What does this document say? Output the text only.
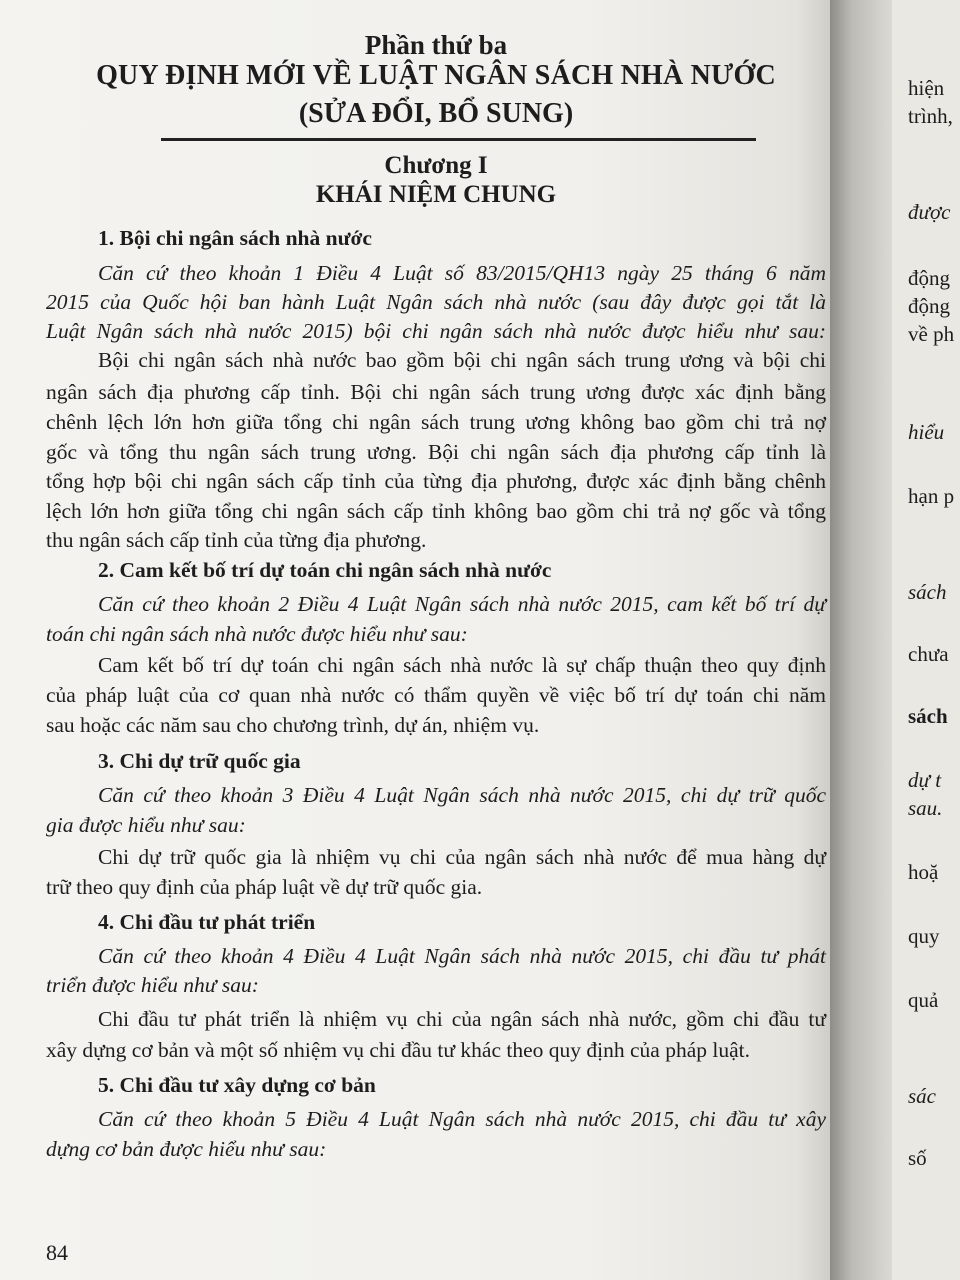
hiện
trình,
được
động
động
về ph
hiểu
hạn p
sách
chưa
sách
dự t
sau.
hoặ
quy
quả
sác
số
Phần thứ ba
QUY ĐỊNH MỚI VỀ LUẬT NGÂN SÁCH NHÀ NƯỚC
(SỬA ĐỔI, BỔ SUNG)
Chương I
KHÁI NIỆM CHUNG
1. Bội chi ngân sách nhà nước
Căn cứ theo khoản 1 Điều 4 Luật số 83/2015/QH13 ngày 25 tháng 6 năm
2015 của Quốc hội ban hành Luật Ngân sách nhà nước (sau đây được gọi tắt là
Luật Ngân sách nhà nước 2015) bội chi ngân sách nhà nước được hiểu như sau:
Bội chi ngân sách nhà nước bao gồm bội chi ngân sách trung ương và bội chi
ngân sách địa phương cấp tỉnh. Bội chi ngân sách trung ương được xác định bằng
chênh lệch lớn hơn giữa tổng chi ngân sách trung ương không bao gồm chi trả nợ
gốc và tổng thu ngân sách trung ương. Bội chi ngân sách địa phương cấp tỉnh là
tổng hợp bội chi ngân sách cấp tỉnh của từng địa phương, được xác định bằng chênh
lệch lớn hơn giữa tổng chi ngân sách cấp tỉnh không bao gồm chi trả nợ gốc và tổng
thu ngân sách cấp tỉnh của từng địa phương.
2. Cam kết bố trí dự toán chi ngân sách nhà nước
Căn cứ theo khoản 2 Điều 4 Luật Ngân sách nhà nước 2015, cam kết bố trí dự
toán chi ngân sách nhà nước được hiểu như sau:
Cam kết bố trí dự toán chi ngân sách nhà nước là sự chấp thuận theo quy định
của pháp luật của cơ quan nhà nước có thẩm quyền về việc bố trí dự toán chi năm
sau hoặc các năm sau cho chương trình, dự án, nhiệm vụ.
3. Chi dự trữ quốc gia
Căn cứ theo khoản 3 Điều 4 Luật Ngân sách nhà nước 2015, chi dự trữ quốc
gia được hiểu như sau:
Chi dự trữ quốc gia là nhiệm vụ chi của ngân sách nhà nước để mua hàng dự
trữ theo quy định của pháp luật về dự trữ quốc gia.
4. Chi đầu tư phát triển
Căn cứ theo khoản 4 Điều 4 Luật Ngân sách nhà nước 2015, chi đầu tư phát
triển được hiểu như sau:
Chi đầu tư phát triển là nhiệm vụ chi của ngân sách nhà nước, gồm chi đầu tư
xây dựng cơ bản và một số nhiệm vụ chi đầu tư khác theo quy định của pháp luật.
5. Chi đầu tư xây dựng cơ bản
Căn cứ theo khoản 5 Điều 4 Luật Ngân sách nhà nước 2015, chi đầu tư xây
dựng cơ bản được hiểu như sau:
84
